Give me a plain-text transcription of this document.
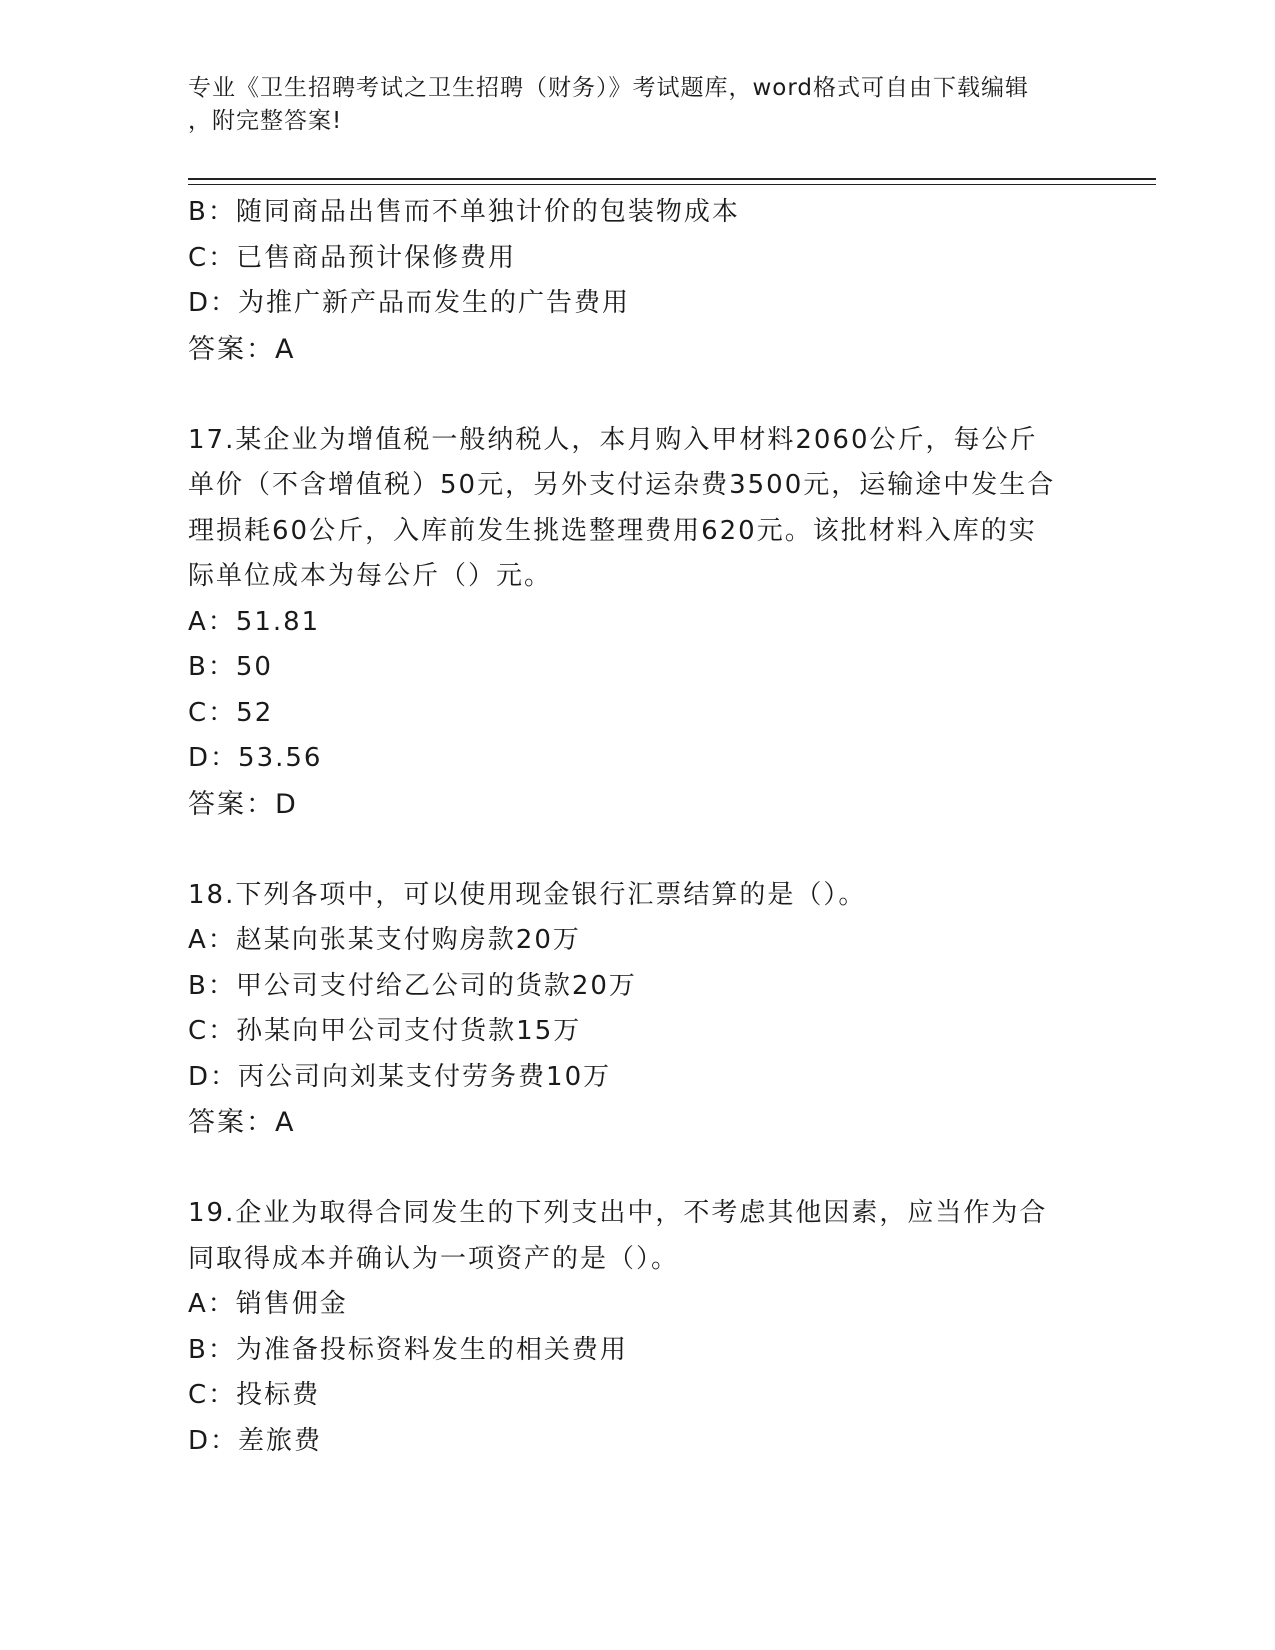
专业《卫生招聘考试之卫生招聘（财务）》考试题库，word格式可自由下载编辑
，附完整答案!
B：随同商品出售而不单独计价的包装物成本
C：已售商品预计保修费用
D：为推广新产品而发生的广告费用
答案：A
17.某企业为增值税一般纳税人，本月购入甲材料2060公斤，每公斤
单价（不含增值税）50元，另外支付运杂费3500元，运输途中发生合
理损耗60公斤，入库前发生挑选整理费用620元。该批材料入库的实
际单位成本为每公斤（）元。
A：51.81
B：50
C：52
D：53.56
答案：D
18.下列各项中，可以使用现金银行汇票结算的是（）。
A：赵某向张某支付购房款20万
B：甲公司支付给乙公司的货款20万
C：孙某向甲公司支付货款15万
D：丙公司向刘某支付劳务费10万
答案：A
19.企业为取得合同发生的下列支出中，不考虑其他因素，应当作为合
同取得成本并确认为一项资产的是（）。
A：销售佣金
B：为准备投标资料发生的相关费用
C：投标费
D：差旅费
